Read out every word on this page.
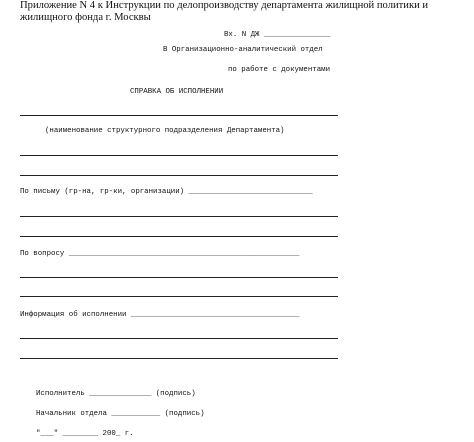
Приложение N 4 к Инструкции по делопроизводству департамента жилищной политики и жилищного фонда г. Москвы
Вх. N ДЖ _______________
В Организационно-аналитический отдел
по работе с документами
СПРАВКА ОБ ИСПОЛНЕНИИ
(наименование структурного подразделения Департамента)
По письму (гр-на, гр-ки, организации) ____________________________
По вопросу ____________________________________________________
Информация об исполнении ______________________________________
Исполнитель ______________ (подпись)
Начальник отдела ___________ (подпись)
"___" ________ 200_ г.
